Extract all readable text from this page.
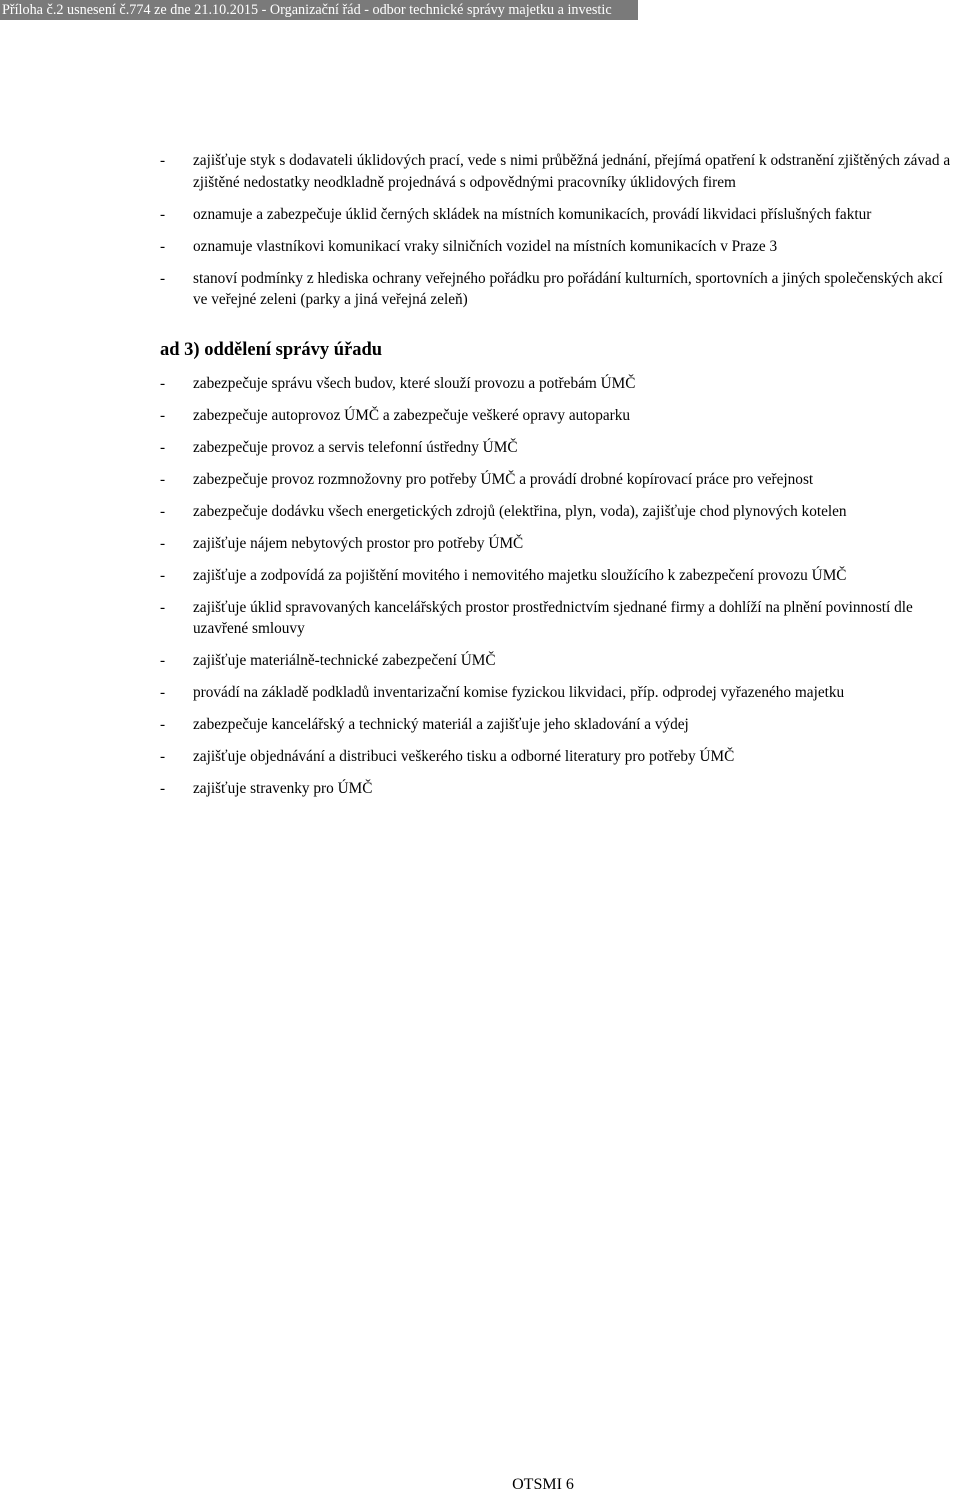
Příloha č.2 usnesení č.774 ze dne 21.10.2015 - Organizační řád - odbor technické správy majetku a investic
- zajišťuje styk s dodavateli úklidových prací, vede s nimi průběžná jednání, přejímá opatření k odstranění zjištěných závad a zjištěné nedostatky neodkladně projednává s odpovědnými pracovníky úklidových firem
- oznamuje a zabezpečuje úklid černých skládek na místních komunikacích, provádí likvidaci příslušných faktur
- oznamuje vlastníkovi komunikací vraky silničních vozidel na místních komunikacích v Praze 3
- stanoví podmínky z hlediska ochrany veřejného pořádku pro pořádání kulturních, sportovních a jiných společenských akcí ve veřejné zeleni (parky a jiná veřejná zeleň)
ad 3) oddělení správy úřadu
- zabezpečuje správu všech budov, které slouží provozu a potřebám ÚMČ
- zabezpečuje autoprovoz ÚMČ a zabezpečuje veškeré opravy autoparku
- zabezpečuje provoz a servis telefonní ústředny ÚMČ
- zabezpečuje provoz rozmnožovny pro potřeby ÚMČ a provádí drobné kopírovací práce pro veřejnost
- zabezpečuje dodávku všech energetických zdrojů (elektřina, plyn, voda), zajišťuje chod plynových kotelen
- zajišťuje nájem nebytových prostor pro potřeby ÚMČ
- zajišťuje a zodpovídá za pojištění movitého i nemovitého majetku sloužícího k zabezpečení provozu ÚMČ
- zajišťuje úklid spravovaných kancelářských prostor prostřednictvím sjednané firmy a dohlíží na plnění povinností dle uzavřené smlouvy
- zajišťuje materiálně-technické zabezpečení ÚMČ
- provádí na základě podkladů inventarizační komise fyzickou likvidaci, příp. odprodej vyřazeného majetku
- zabezpečuje kancelářský a technický materiál a zajišťuje jeho skladování a výdej
- zajišťuje objednávání a distribuci veškerého tisku a odborné literatury pro potřeby ÚMČ
- zajišťuje stravenky pro ÚMČ
OTSMI 6
